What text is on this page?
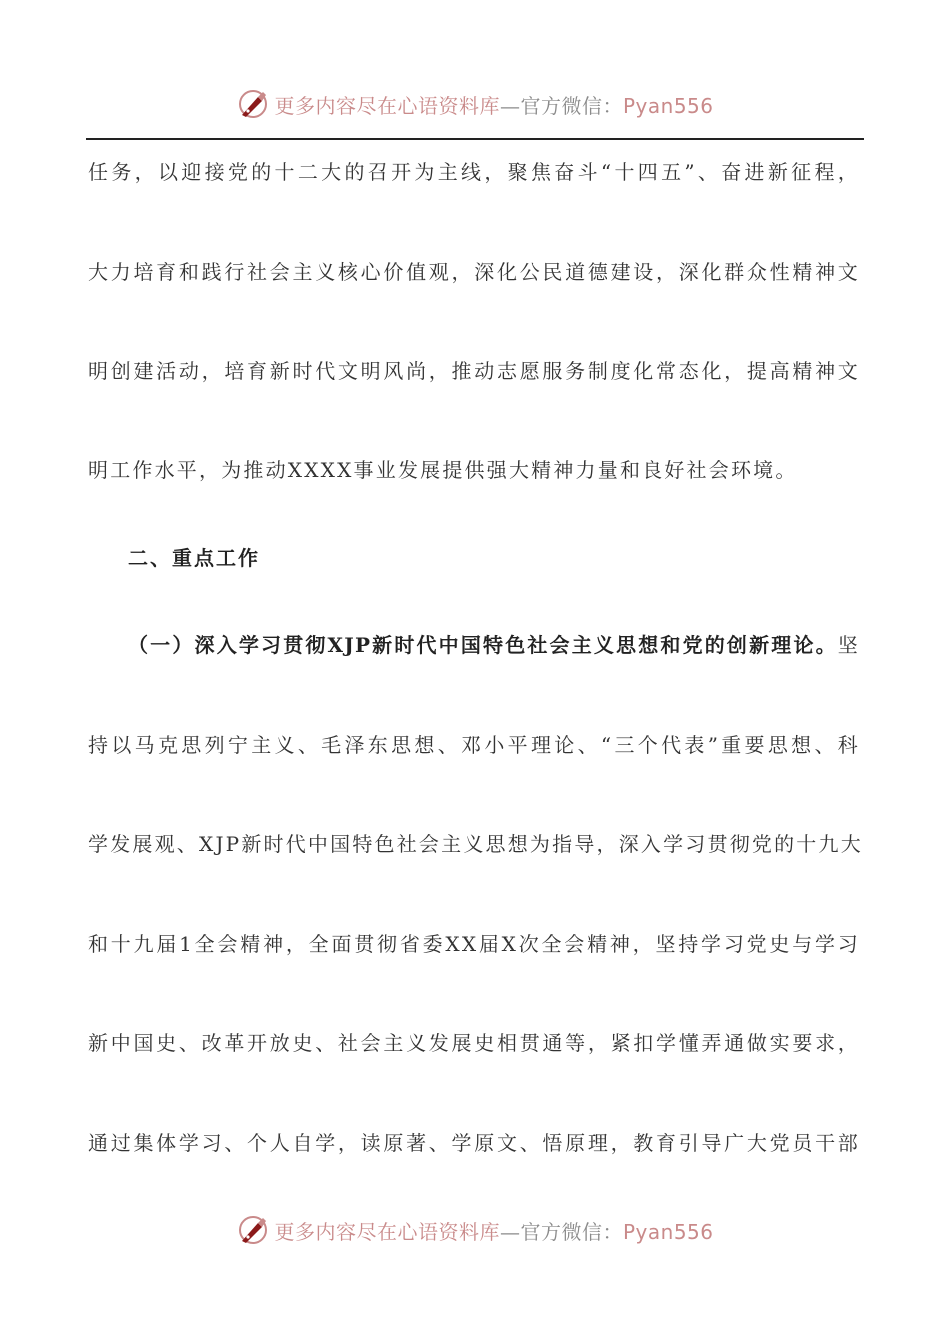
更多内容尽在心语资料库—官方微信：Pyan556
任务，以迎接党的十二大的召开为主线，聚焦奋斗“十四五”、奋进新征程，
大力培育和践行社会主义核心价值观，深化公民道德建设，深化群众性精神文
明创建活动，培育新时代文明风尚，推动志愿服务制度化常态化，提高精神文
明工作水平，为推动XXXX事业发展提供强大精神力量和良好社会环境。
二、重点工作
（一）深入学习贯彻XJP新时代中国特色社会主义思想和党的创新理论。坚
持以马克思列宁主义、毛泽东思想、邓小平理论、“三个代表”重要思想、科
学发展观、XJP新时代中国特色社会主义思想为指导，深入学习贯彻党的十九大
和十九届1全会精神，全面贯彻省委XX届X次全会精神，坚持学习党史与学习
新中国史、改革开放史、社会主义发展史相贯通等，紧扣学懂弄通做实要求，
通过集体学习、个人自学，读原著、学原文、悟原理，教育引导广大党员干部
更多内容尽在心语资料库—官方微信：Pyan556
